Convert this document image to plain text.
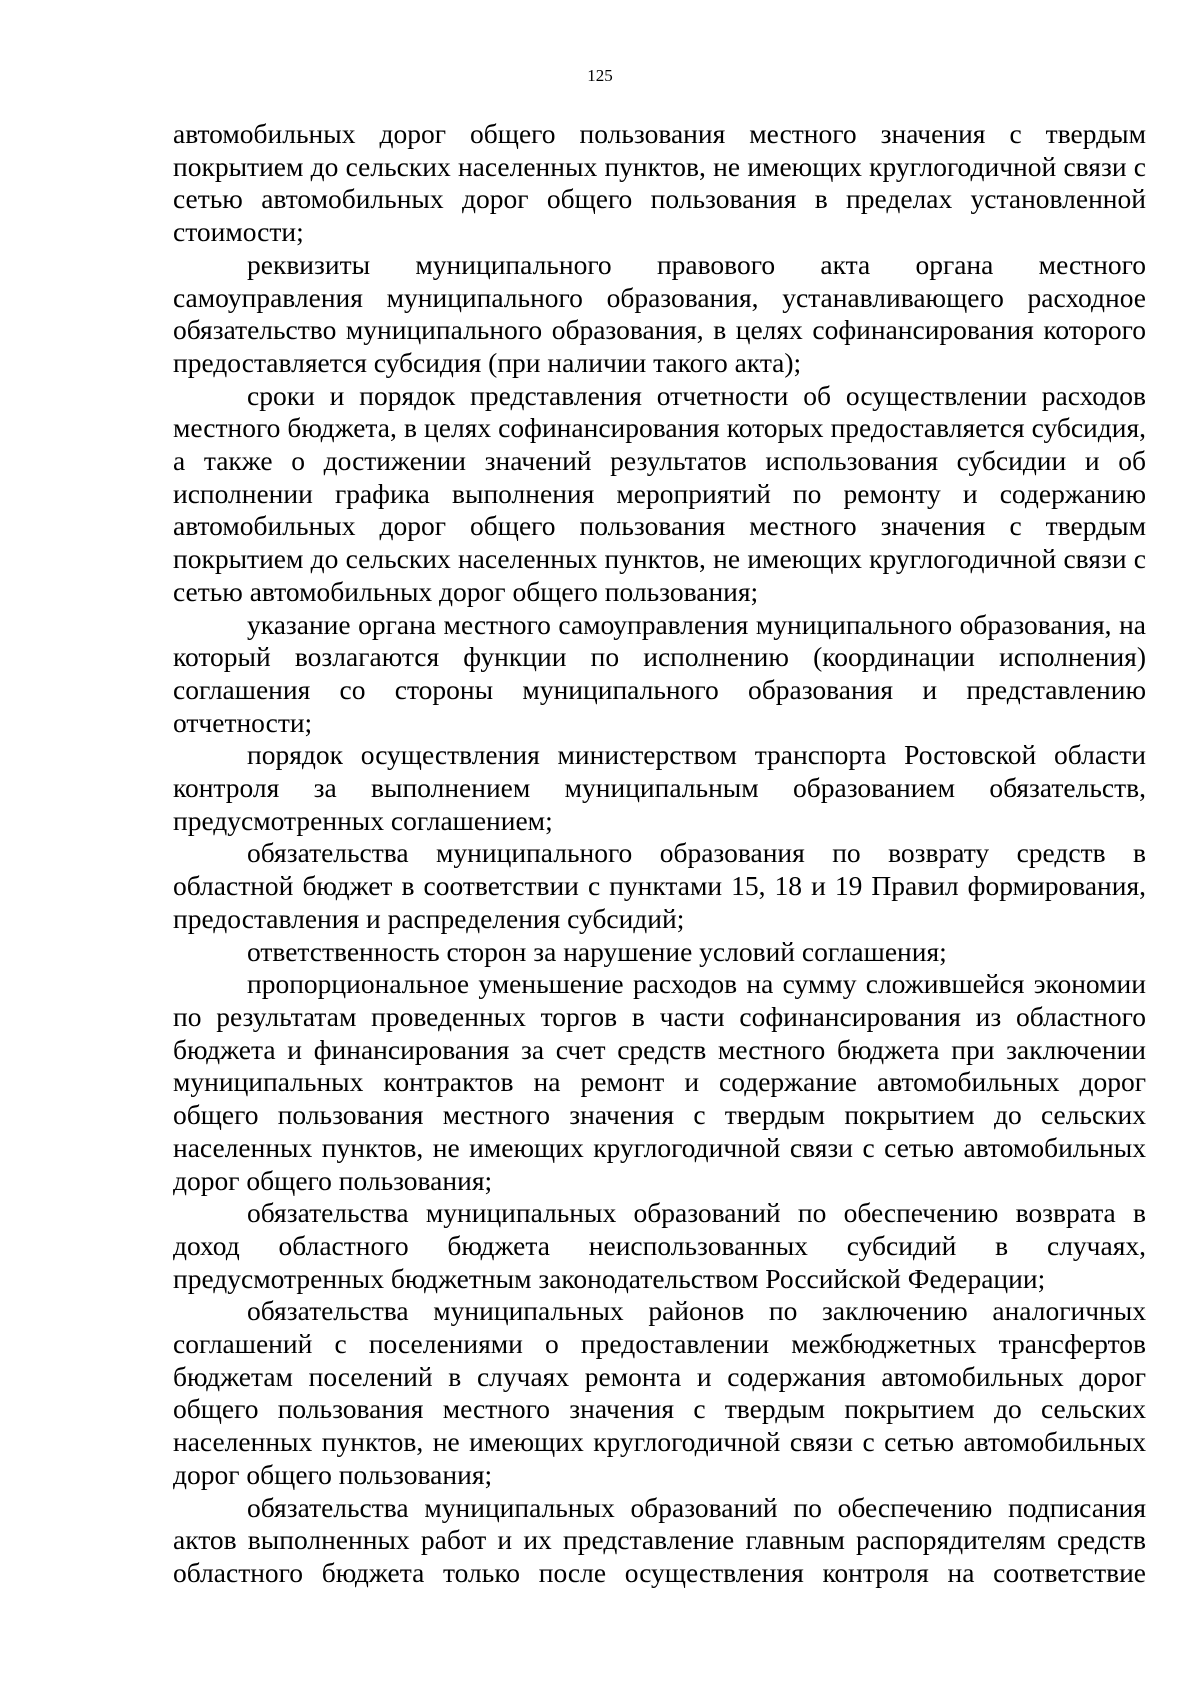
125

автомобильных дорог общего пользования местного значения с твердым покрытием до сельских населенных пунктов, не имеющих круглогодичной связи с сетью автомобильных дорог общего пользования в пределах установленной стоимости;

реквизиты муниципального правового акта органа местного самоуправления муниципального образования, устанавливающего расходное обязательство муниципального образования, в целях софинансирования которого предоставляется субсидия (при наличии такого акта);

сроки и порядок представления отчетности об осуществлении расходов местного бюджета, в целях софинансирования которых предоставляется субсидия, а также о достижении значений результатов использования субсидии и об исполнении графика выполнения мероприятий по ремонту и содержанию автомобильных дорог общего пользования местного значения с твердым покрытием до сельских населенных пунктов, не имеющих круглогодичной связи с сетью автомобильных дорог общего пользования;

указание органа местного самоуправления муниципального образования, на который возлагаются функции по исполнению (координации исполнения) соглашения со стороны муниципального образования и представлению отчетности;

порядок осуществления министерством транспорта Ростовской области контроля за выполнением муниципальным образованием обязательств, предусмотренных соглашением;

обязательства муниципального образования по возврату средств в областной бюджет в соответствии с пунктами 15, 18 и 19 Правил формирования, предоставления и распределения субсидий;

ответственность сторон за нарушение условий соглашения;

пропорциональное уменьшение расходов на сумму сложившейся экономии по результатам проведенных торгов в части софинансирования из областного бюджета и финансирования за счет средств местного бюджета при заключении муниципальных контрактов на ремонт и содержание автомобильных дорог общего пользования местного значения с твердым покрытием до сельских населенных пунктов, не имеющих круглогодичной связи с сетью автомобильных дорог общего пользования;

обязательства муниципальных образований по обеспечению возврата в доход областного бюджета неиспользованных субсидий в случаях, предусмотренных бюджетным законодательством Российской Федерации;

обязательства муниципальных районов по заключению аналогичных соглашений с поселениями о предоставлении межбюджетных трансфертов бюджетам поселений в случаях ремонта и содержания автомобильных дорог общего пользования местного значения с твердым покрытием до сельских населенных пунктов, не имеющих круглогодичной связи с сетью автомобильных дорог общего пользования;

обязательства муниципальных образований по обеспечению подписания актов выполненных работ и их представление главным распорядителям средств областного бюджета только после осуществления контроля на соответствие
